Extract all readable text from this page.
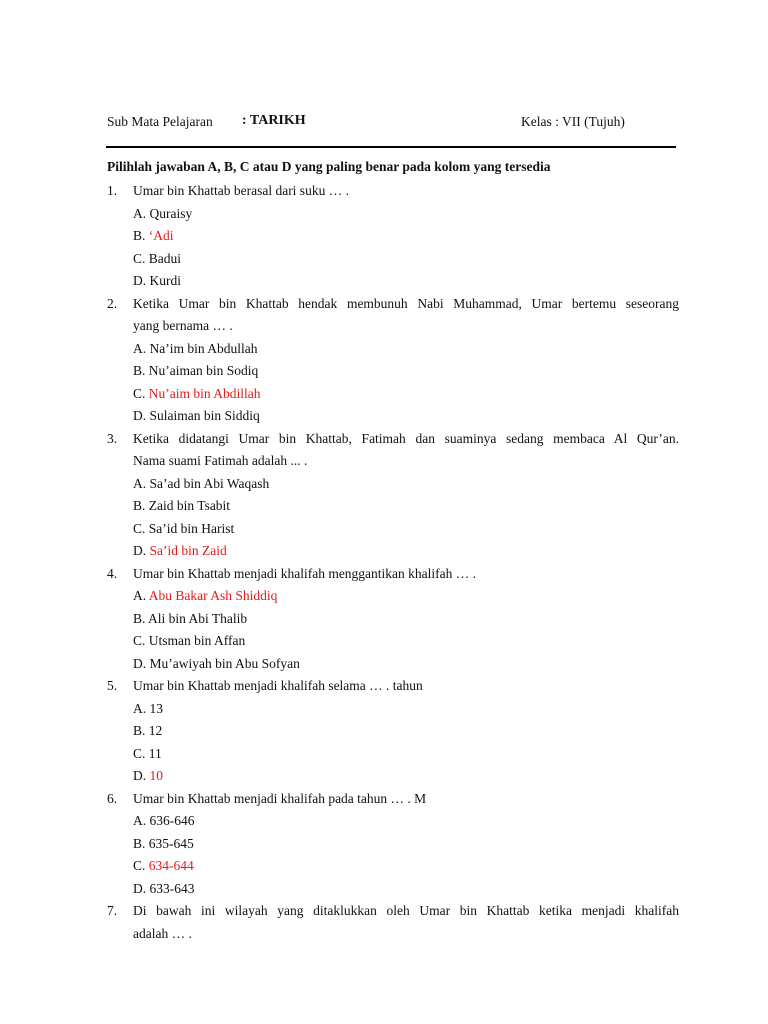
Sub Mata Pelajaran : TARIKH	Kelas : VII (Tujuh)
Pilihlah jawaban A, B, C atau D yang paling benar pada kolom yang tersedia
1.	Umar bin Khattab berasal dari suku … .
A. Quraisy
B. ‘Adi
C. Badui
D. Kurdi
2.	Ketika Umar bin Khattab hendak membunuh Nabi Muhammad, Umar bertemu seseorang
yang bernama … .
A. Na’im bin Abdullah
B. Nu’aiman bin Sodiq
C. Nu’aim bin Abdillah
D. Sulaiman bin Siddiq
3.	Ketika didatangi Umar bin Khattab, Fatimah dan suaminya sedang membaca Al Qur’an.
Nama suami Fatimah adalah ... .
A. Sa’ad bin Abi Waqash
B. Zaid bin Tsabit
C. Sa’id bin Harist
D. Sa’id bin Zaid
4.	Umar bin Khattab menjadi khalifah menggantikan khalifah … .
A. Abu Bakar Ash Shiddiq
B. Ali bin Abi Thalib
C. Utsman bin Affan
D. Mu’awiyah bin Abu Sofyan
5.	Umar bin Khattab menjadi khalifah selama … . tahun
A. 13
B. 12
C. 11
D. 10
6.	Umar bin Khattab menjadi khalifah pada tahun … . M
A. 636-646
B. 635-645
C. 634-644
D. 633-643
7.	Di bawah ini wilayah yang ditaklukkan oleh Umar bin Khattab ketika menjadi khalifah
adalah … .
